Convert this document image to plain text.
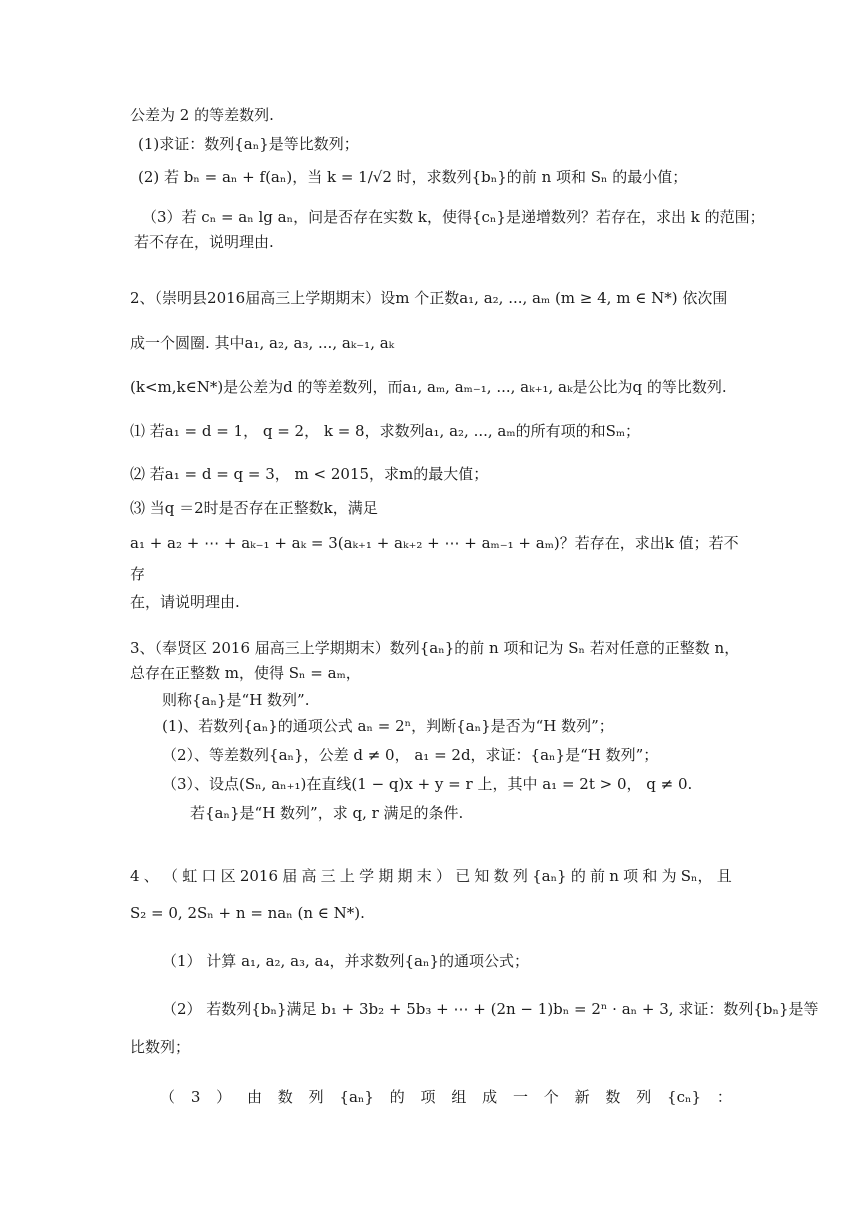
公差为 2 的等差数列.
(1)求证：数列{aₙ}是等比数列；
(2) 若 bₙ = aₙ + f(aₙ)，当 k = 1/√2 时，求数列{bₙ}的前 n 项和 Sₙ 的最小值；
（3）若 cₙ = aₙ lg aₙ，问是否存在实数 k，使得{cₙ}是递增数列？若存在，求出 k 的范围；
若不存在，说明理由.
2、（崇明县2016届高三上学期期末）设m 个正数a₁, a₂, ..., aₘ (m ≥ 4, m ∈ N*) 依次围
成一个圆圈. 其中a₁, a₂, a₃, ..., aₖ₋₁, aₖ
(k<m,k∈N*)是公差为d 的等差数列，而a₁, aₘ, aₘ₋₁, ..., aₖ₊₁, aₖ是公比为q 的等比数列.
⑴ 若a₁ = d = 1， q = 2， k = 8，求数列a₁, a₂, ..., aₘ的所有项的和Sₘ；
⑵ 若a₁ = d = q = 3， m < 2015，求m的最大值；
⑶ 当q ＝2时是否存在正整数k，满足
a₁ + a₂ + ⋯ + aₖ₋₁ + aₖ = 3(aₖ₊₁ + aₖ₊₂ + ⋯ + aₘ₋₁ + aₘ)？若存在，求出k 值；若不
存
在，请说明理由.
3、（奉贤区 2016 届高三上学期期末）数列{aₙ}的前 n 项和记为 Sₙ 若对任意的正整数 n，
总存在正整数 m，使得 Sₙ = aₘ，
则称{aₙ}是“H 数列”.
(1)、若数列{aₙ}的通项公式 aₙ = 2ⁿ，判断{aₙ}是否为“H 数列”；
（2）、等差数列{aₙ}，公差 d ≠ 0， a₁ = 2d，求证：{aₙ}是“H 数列”；
（3）、设点(Sₙ, aₙ₊₁)在直线(1 − q)x + y = r 上，其中 a₁ = 2t > 0， q ≠ 0.
若{aₙ}是“H 数列”，求 q, r 满足的条件.
4 、 （ 虹 口 区 2016 届 高 三 上 学 期 期 末 ） 已 知 数 列 {aₙ} 的 前 n 项 和 为 Sₙ， 且
S₂ = 0, 2Sₙ + n = naₙ (n ∈ N*).
（1） 计算 a₁, a₂, a₃, a₄，并求数列{aₙ}的通项公式；
（2） 若数列{bₙ}满足 b₁ + 3b₂ + 5b₃ + ⋯ + (2n − 1)bₙ = 2ⁿ · aₙ + 3, 求证：数列{bₙ}是等
比数列；
（ 3 ） 由 数 列 {aₙ} 的 项 组 成 一 个 新 数 列 {cₙ} ：
